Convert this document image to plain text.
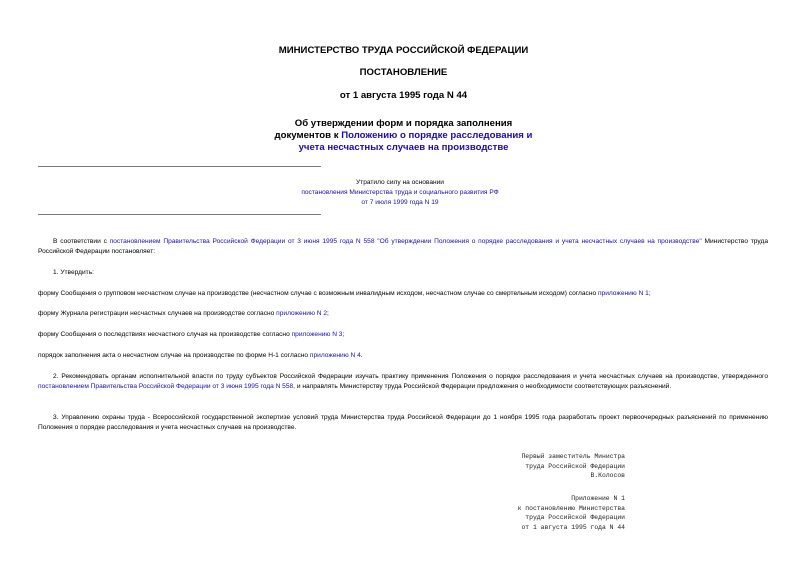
МИНИСТЕРСТВО ТРУДА РОССИЙСКОЙ ФЕДЕРАЦИИ
ПОСТАНОВЛЕНИЕ
от 1 августа 1995 года N 44
Об утверждении форм и порядка заполнения
документов к Положению о порядке расследования и
учета несчастных случаев на производстве
Утратило силу на основании
постановления Министерства труда и социального развития РФ
от 7 июля 1999 года N 19

В соответствии с постановлением Правительства Российской Федерации от 3 июня 1995 года N 558 "Об утверждении Положения о порядке расследования и учета несчастных случаев на производстве" Министерство труда Российской Федерации постановляет:

1. Утвердить:

форму Сообщения о групповом несчастном случае на производстве (несчастном случае с возможным инвалидным исходом, несчастном случае со смертельным исходом) согласно приложению N 1;

форму Журнала регистрации несчастных случаев на производстве согласно приложению N 2;

форму Сообщения о последствиях несчастного случая на производстве согласно приложению N 3;

порядок заполнения акта о несчастном случае на производстве по форме Н-1 согласно приложению N 4.

2. Рекомендовать органам исполнительной власти по труду субъектов Российской Федерации изучать практику применения Положения о порядке расследования и учета несчастных случаев на производстве, утвержденного постановлением Правительства Российской Федерации от 3 июня 1995 года N 558, и направлять Министерству труда Российской Федерации предложения о необходимости соответствующих разъяснений.

3. Управлению охраны труда - Всероссийской государственной экспертизе условий труда Министерства труда Российской Федерации до 1 ноября 1995 года разработать проект первоочередных разъяснений по применению Положения о порядке расследования и учета несчастных случаев на производстве.

Первый заместитель Министра
труда Российской Федерации
В.Колосов
Приложение N 1
к постановлению Министерства
труда Российской Федерации
от 1 августа 1995 года N 44
